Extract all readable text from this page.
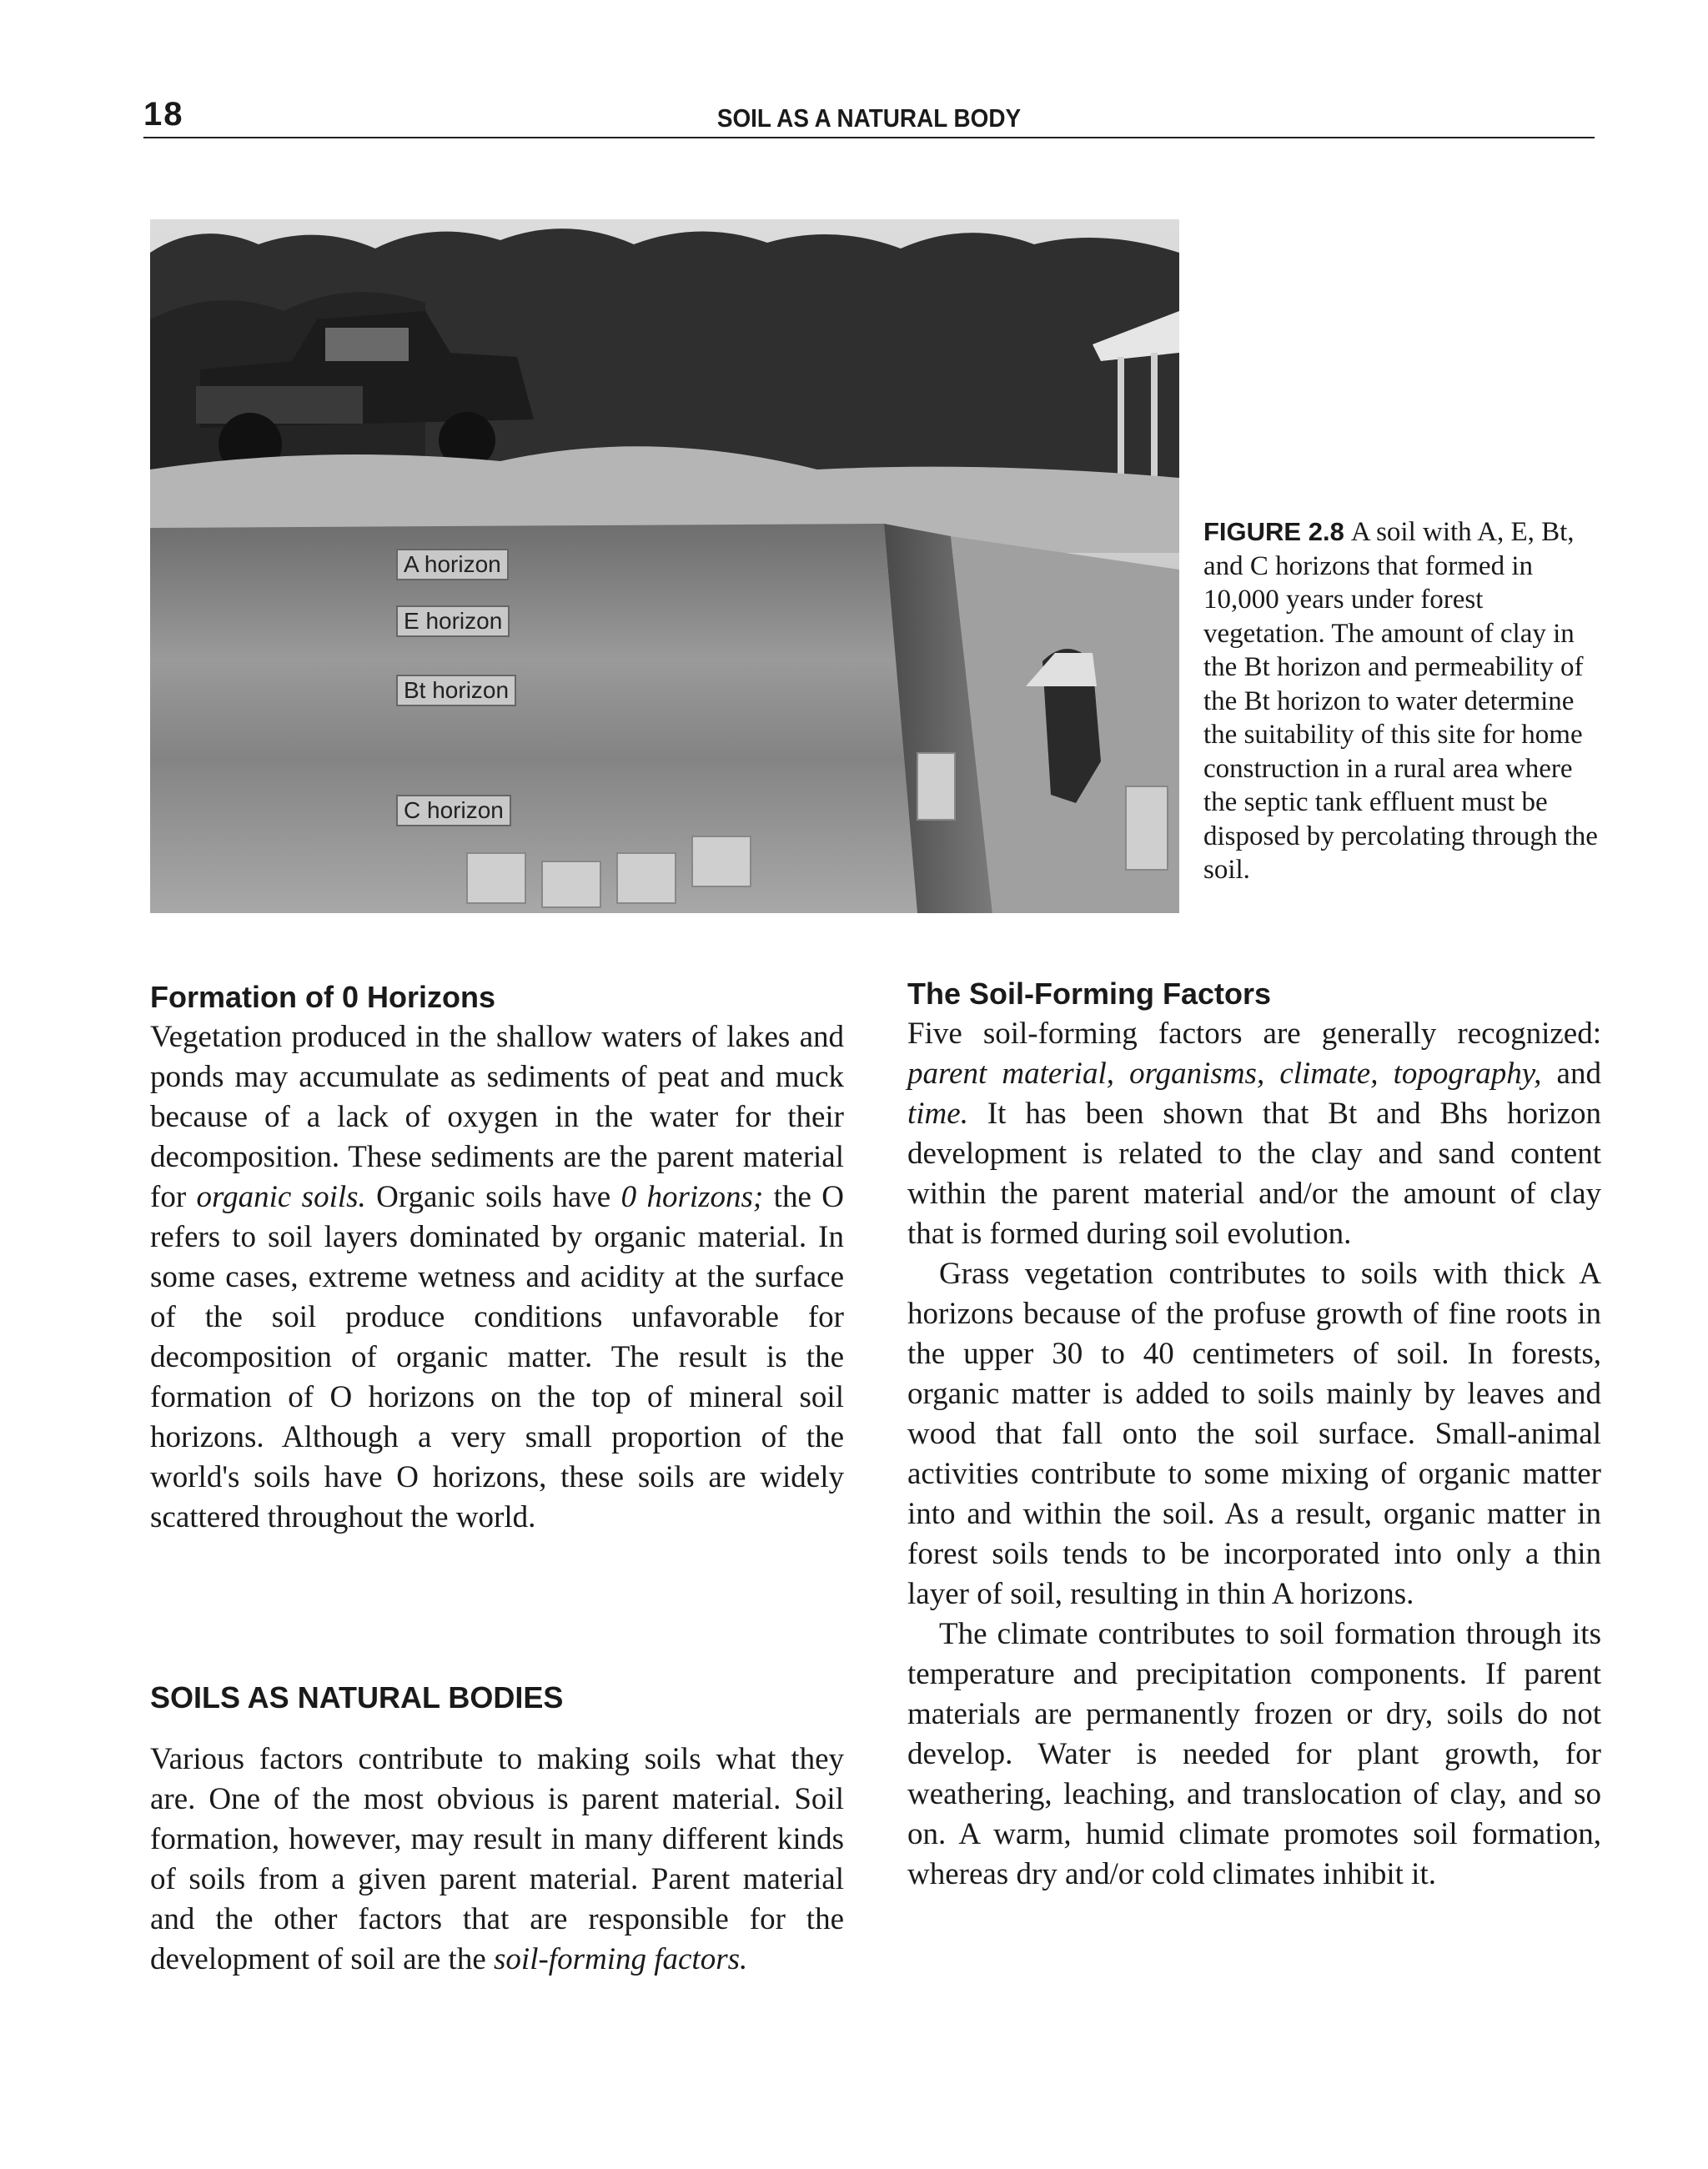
18	SOIL AS A NATURAL BODY
A horizon
E horizon
Bt horizon
C horizon
FIGURE 2.8 A soil with A, E, Bt, and C horizons that formed in 10,000 years under forest vegetation. The amount of clay in the Bt horizon and permeability of the Bt horizon to water determine the suitability of this site for home construction in a rural area where the septic tank effluent must be disposed by percolating through the soil.
Formation of 0 Horizons

Vegetation produced in the shallow waters of lakes and ponds may accumulate as sediments of peat and muck because of a lack of oxygen in the water for their decomposition. These sediments are the parent material for organic soils. Organic soils have 0 horizons; the O refers to soil layers dominated by organic material. In some cases, extreme wetness and acidity at the surface of the soil produce conditions unfavorable for decomposition of organic matter. The result is the formation of O horizons on the top of mineral soil horizons. Although a very small proportion of the world's soils have O horizons, these soils are widely scattered throughout the world.

SOILS AS NATURAL BODIES

Various factors contribute to making soils what they are. One of the most obvious is parent material. Soil formation, however, may result in many different kinds of soils from a given parent material. Parent material and the other factors that are responsible for the development of soil are the soil-forming factors.

The Soil-Forming Factors

Five soil-forming factors are generally recognized: parent material, organisms, climate, topography, and time. It has been shown that Bt and Bhs horizon development is related to the clay and sand content within the parent material and/or the amount of clay that is formed during soil evolution.

Grass vegetation contributes to soils with thick A horizons because of the profuse growth of fine roots in the upper 30 to 40 centimeters of soil. In forests, organic matter is added to soils mainly by leaves and wood that fall onto the soil surface. Small-animal activities contribute to some mixing of organic matter into and within the soil. As a result, organic matter in forest soils tends to be incorporated into only a thin layer of soil, resulting in thin A horizons.

The climate contributes to soil formation through its temperature and precipitation components. If parent materials are permanently frozen or dry, soils do not develop. Water is needed for plant growth, for weathering, leaching, and translocation of clay, and so on. A warm, humid climate promotes soil formation, whereas dry and/or cold climates inhibit it.
